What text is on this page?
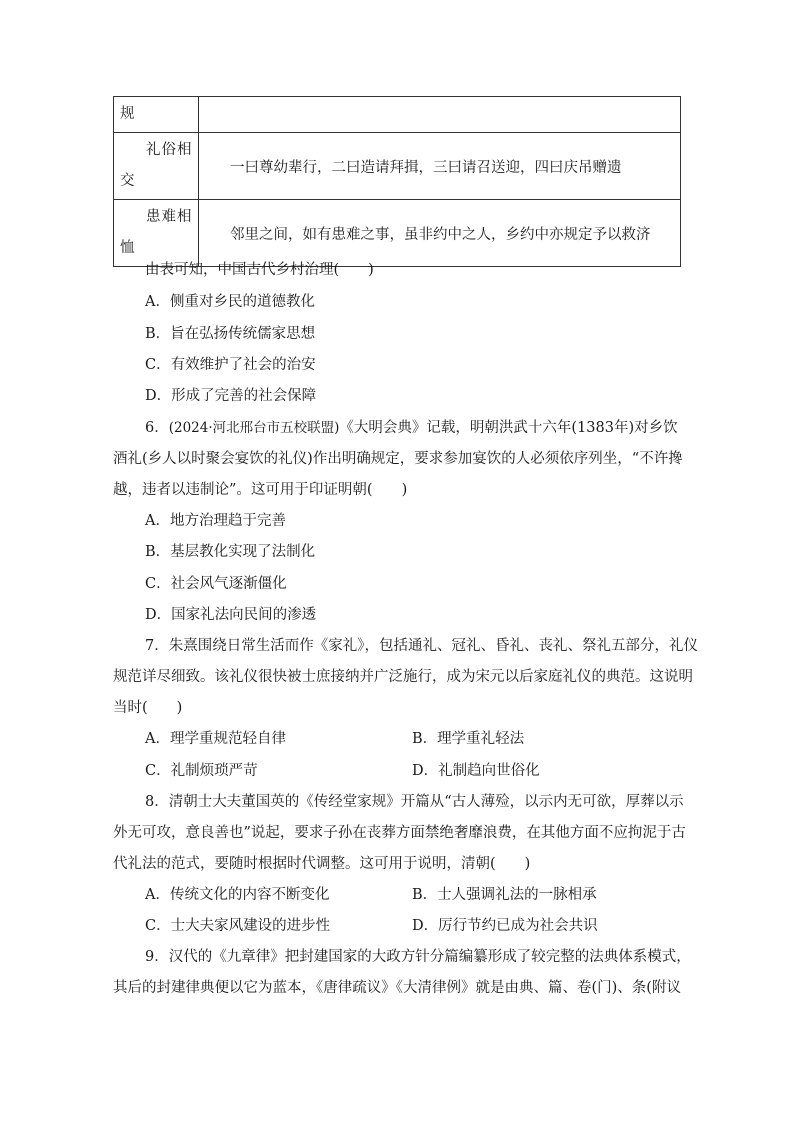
规	

礼俗相
交	一曰尊幼辈行，二曰造请拜揖，三曰请召送迎，四曰庆吊赠遗

患难相
恤	邻里之间，如有患难之事，虽非约中之人，乡约中亦规定予以救济
由表可知，中国古代乡村治理(　　)
A．侧重对乡民的道德教化
B．旨在弘扬传统儒家思想
C．有效维护了社会的治安
D．形成了完善的社会保障
6．(2024·河北邢台市五校联盟)《大明会典》记载，明朝洪武十六年(1383年)对乡饮
酒礼(乡人以时聚会宴饮的礼仪)作出明确规定，要求参加宴饮的人必须依序列坐，“不许搀
越，违者以违制论”。这可用于印证明朝(　　)
A．地方治理趋于完善
B．基层教化实现了法制化
C．社会风气逐渐僵化
D．国家礼法向民间的渗透
7．朱熹围绕日常生活而作《家礼》，包括通礼、冠礼、昏礼、丧礼、祭礼五部分，礼仪
规范详尽细致。该礼仪很快被士庶接纳并广泛施行，成为宋元以后家庭礼仪的典范。这说明
当时(　　)
A．理学重规范轻自律	B．理学重礼轻法
C．礼制烦琐严苛	D．礼制趋向世俗化
8．清朝士大夫董国英的《传经堂家规》开篇从“古人薄殓，以示内无可欲，厚葬以示
外无可攻，意良善也”说起，要求子孙在丧葬方面禁绝奢靡浪费，在其他方面不应拘泥于古
代礼法的范式，要随时根据时代调整。这可用于说明，清朝(　　)
A．传统文化的内容不断变化	B．士人强调礼法的一脉相承
C．士大夫家风建设的进步性	D．厉行节约已成为社会共识
9．汉代的《九章律》把封建国家的大政方针分篇编纂形成了较完整的法典体系模式，
其后的封建律典便以它为蓝本，《唐律疏议》《大清律例》就是由典、篇、卷(门)、条(附议
